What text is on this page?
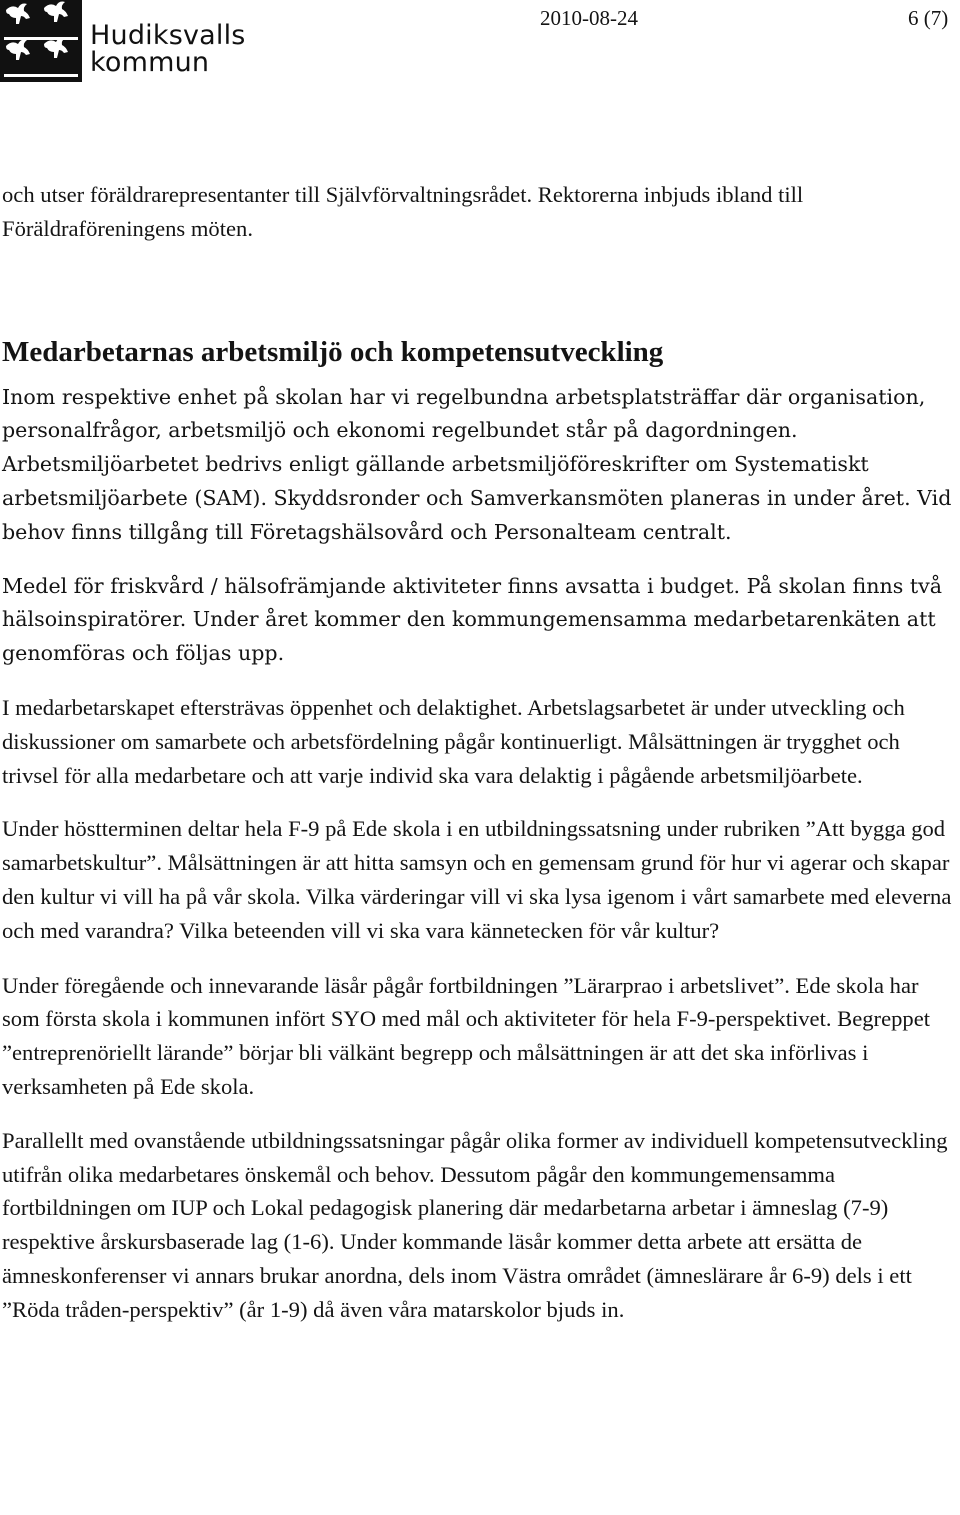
Hudiksvalls
kommun
2010-08-24	6 (7)

och utser föräldrarepresentanter till Självförvaltningsrådet. Rektorerna inbjuds ibland till Föräldraföreningens möten.

Medarbetarnas arbetsmiljö och kompetensutveckling

Inom respektive enhet på skolan har vi regelbundna arbetsplatsträffar där organisation, personalfrågor, arbetsmiljö och ekonomi regelbundet står på dagordningen. Arbetsmiljöarbetet bedrivs enligt gällande arbetsmiljöföreskrifter om Systematiskt arbetsmiljöarbete (SAM). Skyddsronder och Samverkansmöten planeras in under året. Vid behov finns tillgång till Företagshälsovård och Personalteam centralt.

Medel för friskvård / hälsofrämjande aktiviteter finns avsatta i budget. På skolan finns två hälsoinspiratörer. Under året kommer den kommungemensamma medarbetarenkäten att genomföras och följas upp.

I medarbetarskapet eftersträvas öppenhet och delaktighet. Arbetslagsarbetet är under utveckling och diskussioner om samarbete och arbetsfördelning pågår kontinuerligt. Målsättningen är trygghet och trivsel för alla medarbetare och att varje individ ska vara delaktig i pågående arbetsmiljöarbete.

Under höstterminen deltar hela F-9 på Ede skola i en utbildningssatsning under rubriken ”Att bygga god samarbetskultur”. Målsättningen är att hitta samsyn och en gemensam grund för hur vi agerar och skapar den kultur vi vill ha på vår skola. Vilka värderingar vill vi ska lysa igenom i vårt samarbete med eleverna och med varandra? Vilka beteenden vill vi ska vara kännetecken för vår kultur?

Under föregående och innevarande läsår pågår fortbildningen ”Lärarprao i arbetslivet”. Ede skola har som första skola i kommunen infört SYO med mål och aktiviteter för hela F-9-perspektivet. Begreppet ”entreprenöriellt lärande” börjar bli välkänt begrepp och målsättningen är att det ska införlivas i verksamheten på Ede skola.

Parallellt med ovanstående utbildningssatsningar pågår olika former av individuell kompetensutveckling utifrån olika medarbetares önskemål och behov. Dessutom pågår den kommungemensamma fortbildningen om IUP och Lokal pedagogisk planering där medarbetarna arbetar i ämneslag (7-9) respektive årskursbaserade lag (1-6). Under kommande läsår kommer detta arbete att ersätta de ämneskonferenser vi annars brukar anordna, dels inom Västra området (ämneslärare år 6-9) dels i ett ”Röda tråden-perspektiv” (år 1-9) då även våra matarskolor bjuds in.
